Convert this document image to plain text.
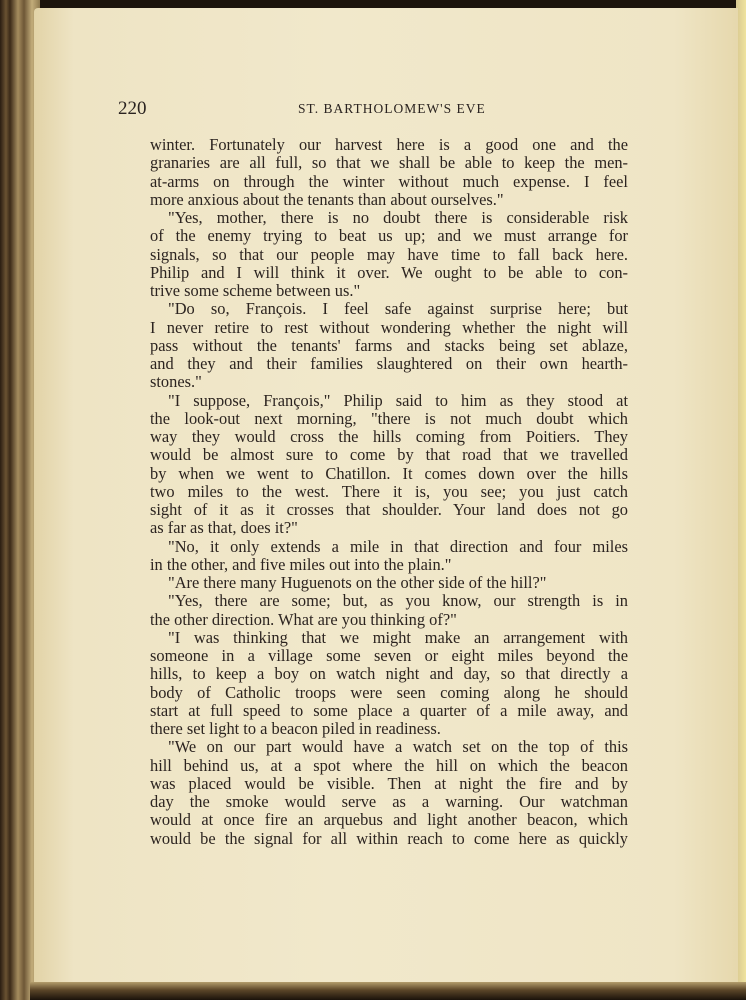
220	ST. BARTHOLOMEW'S EVE
winter. Fortunately our harvest here is a good one and the
granaries are all full, so that we shall be able to keep the men-
at-arms on through the winter without much expense. I feel
more anxious about the tenants than about ourselves."
"Yes, mother, there is no doubt there is considerable risk
of the enemy trying to beat us up; and we must arrange for
signals, so that our people may have time to fall back here.
Philip and I will think it over. We ought to be able to con-
trive some scheme between us."
"Do so, François. I feel safe against surprise here; but
I never retire to rest without wondering whether the night will
pass without the tenants' farms and stacks being set ablaze,
and they and their families slaughtered on their own hearth-
stones."
"I suppose, François," Philip said to him as they stood at
the look-out next morning, "there is not much doubt which
way they would cross the hills coming from Poitiers. They
would be almost sure to come by that road that we travelled
by when we went to Chatillon. It comes down over the hills
two miles to the west. There it is, you see; you just catch
sight of it as it crosses that shoulder. Your land does not go
as far as that, does it?"
"No, it only extends a mile in that direction and four miles
in the other, and five miles out into the plain."
"Are there many Huguenots on the other side of the hill?"
"Yes, there are some; but, as you know, our strength is in
the other direction. What are you thinking of?"
"I was thinking that we might make an arrangement with
someone in a village some seven or eight miles beyond the
hills, to keep a boy on watch night and day, so that directly a
body of Catholic troops were seen coming along he should
start at full speed to some place a quarter of a mile away, and
there set light to a beacon piled in readiness.
"We on our part would have a watch set on the top of this
hill behind us, at a spot where the hill on which the beacon
was placed would be visible. Then at night the fire and by
day the smoke would serve as a warning. Our watchman
would at once fire an arquebus and light another beacon, which
would be the signal for all within reach to come here as quickly
